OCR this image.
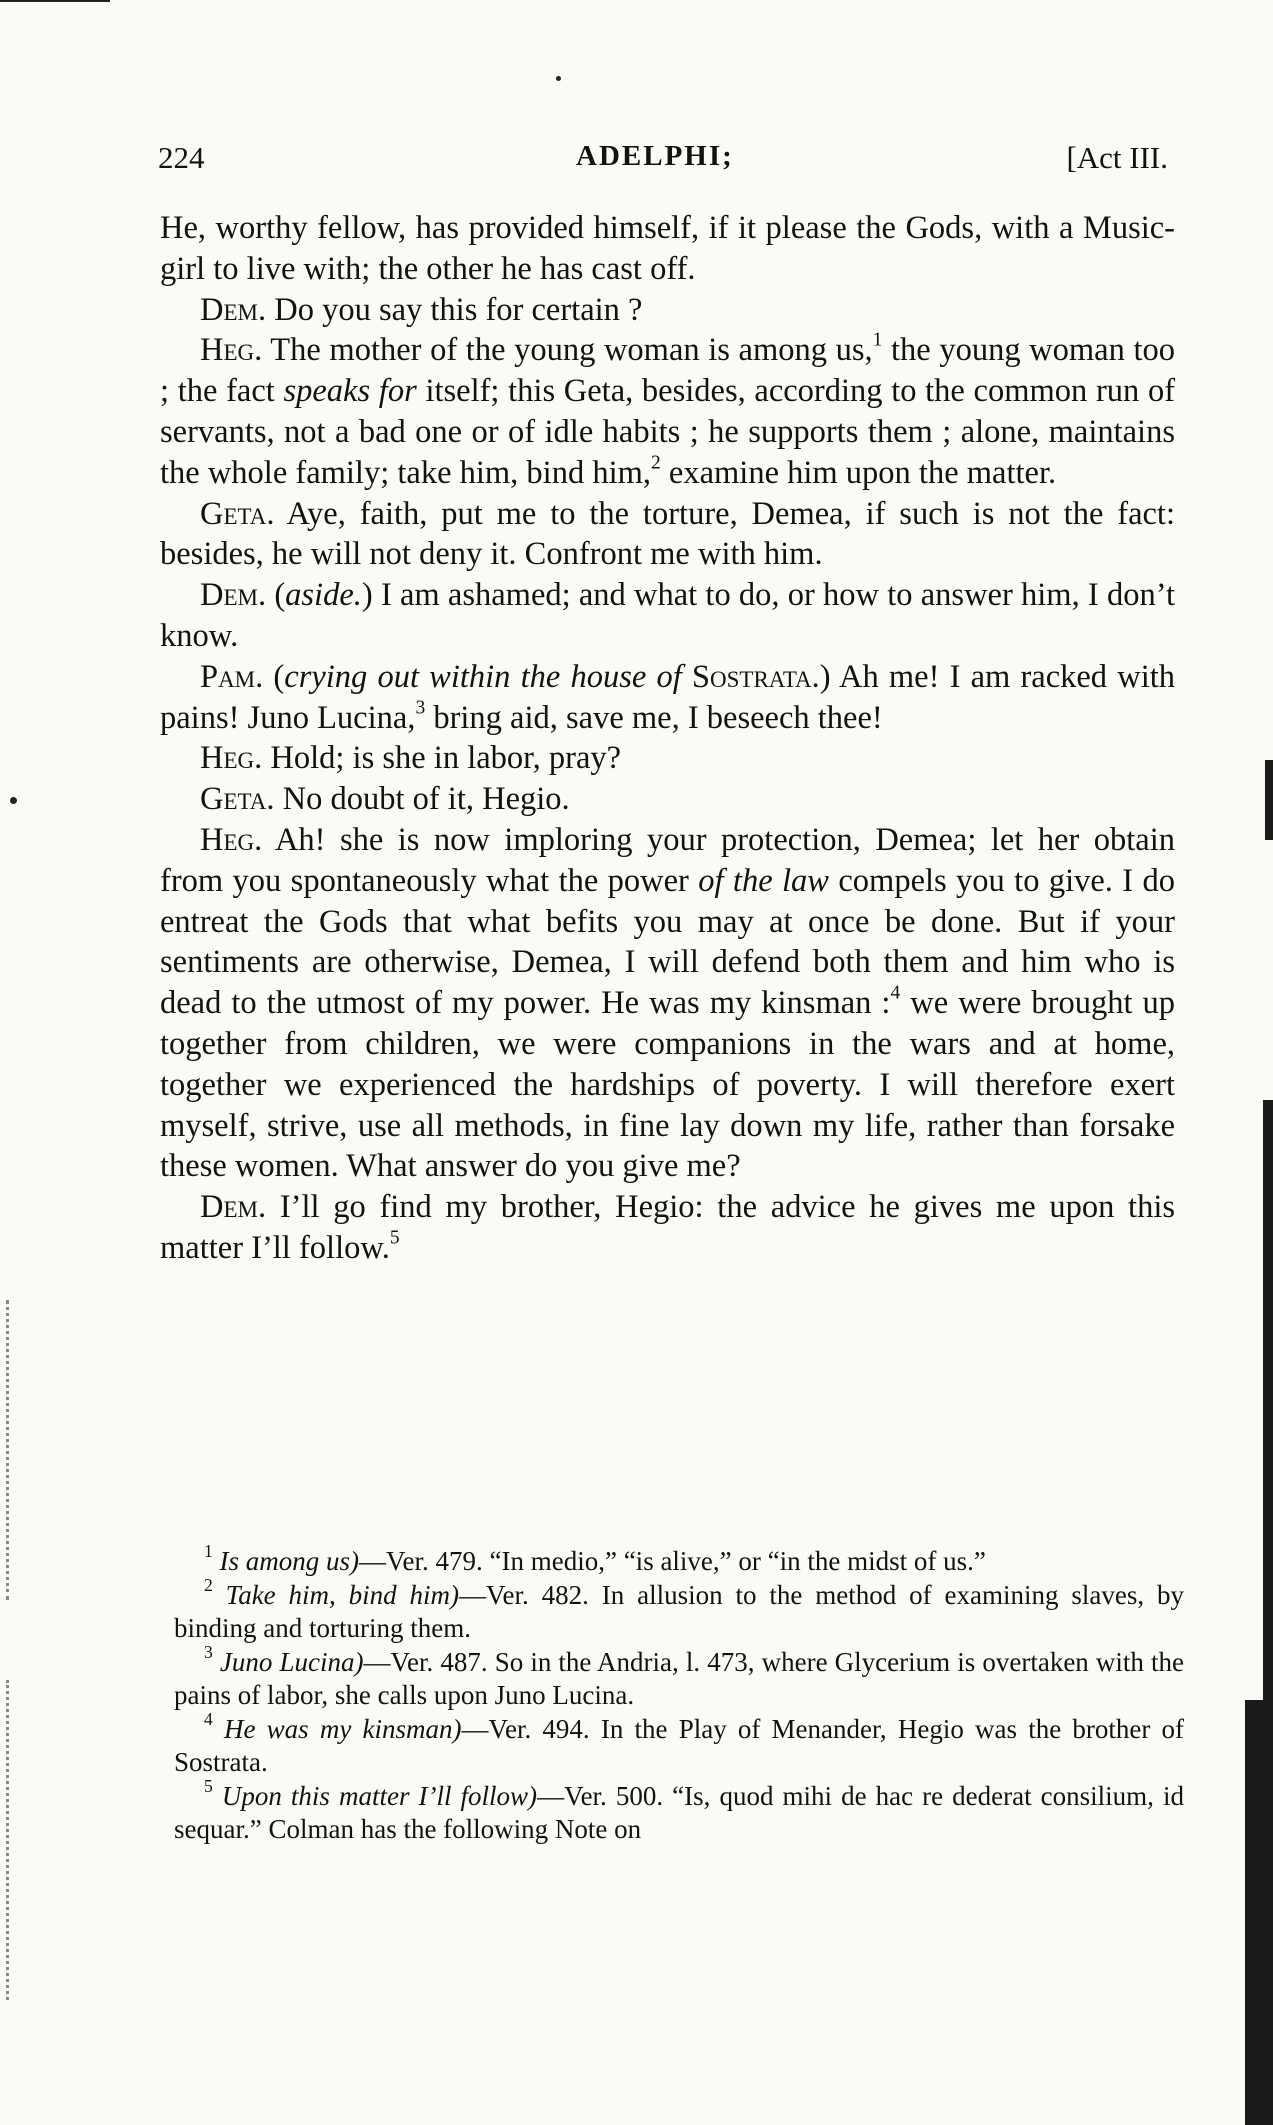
224	ADELPHI;	[Act III.

He, worthy fellow, has provided himself, if it please the Gods, with a Music-girl to live with; the other he has cast off.

Dem. Do you say this for certain ?

Heg. The mother of the young woman is among us,$^1$ the young woman too ; the fact speaks for itself; this Geta, besides, according to the common run of servants, not a bad one or of idle habits ; he supports them ; alone, maintains the whole family; take him, bind him,$^2$ examine him upon the matter.

Geta. Aye, faith, put me to the torture, Demea, if such is not the fact: besides, he will not deny it. Confront me with him.

Dem. (aside.) I am ashamed; and what to do, or how to answer him, I don’t know.

Pam. (crying out within the house of Sostrata.) Ah me! I am racked with pains! Juno Lucina,$^3$ bring aid, save me, I beseech thee!

Heg. Hold; is she in labor, pray?

Geta. No doubt of it, Hegio.

Heg. Ah! she is now imploring your protection, Demea; let her obtain from you spontaneously what the power of the law compels you to give. I do entreat the Gods that what befits you may at once be done. But if your sentiments are otherwise, Demea, I will defend both them and him who is dead to the utmost of my power. He was my kinsman :$^4$ we were brought up together from children, we were companions in the wars and at home, together we experienced the hardships of poverty. I will therefore exert myself, strive, use all methods, in fine lay down my life, rather than forsake these women. What answer do you give me?

Dem. I’ll go find my brother, Hegio: the advice he gives me upon this matter I’ll follow.$^5$

$^1$ Is among us)—Ver. 479. “In medio,” “is alive,” or “in the midst of us.”

$^2$ Take him, bind him)—Ver. 482. In allusion to the method of examining slaves, by binding and torturing them.

$^3$ Juno Lucina)—Ver. 487. So in the Andria, l. 473, where Glycerium is overtaken with the pains of labor, she calls upon Juno Lucina.

$^4$ He was my kinsman)—Ver. 494. In the Play of Menander, Hegio was the brother of Sostrata.

$^5$ Upon this matter I’ll follow)—Ver. 500. “Is, quod mihi de hac re dederat consilium, id sequar.” Colman has the following Note on
